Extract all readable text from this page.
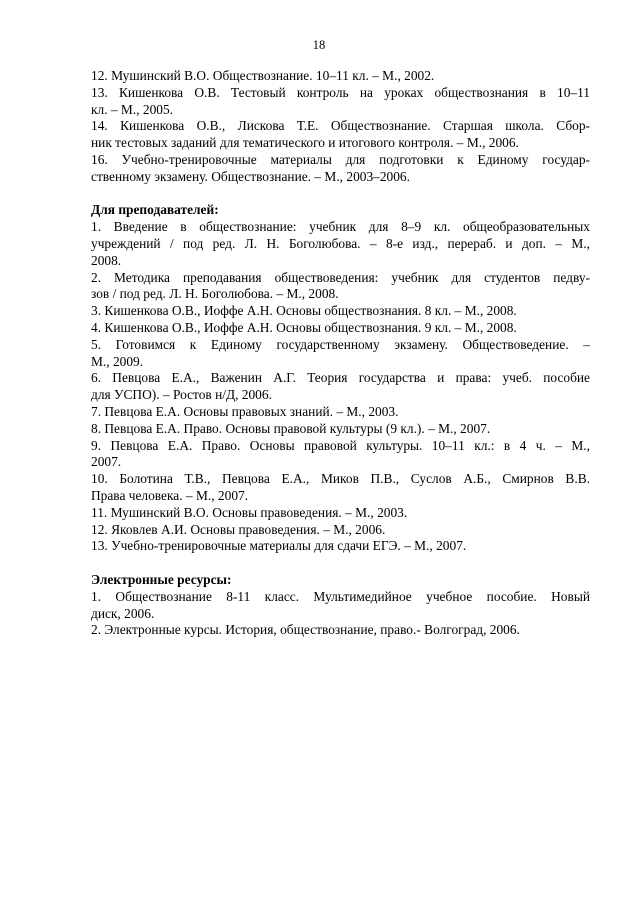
18

12. Мушинский В.О. Обществознание. 10–11 кл. – М., 2002.

13. Кишенкова О.В. Тестовый контроль на уроках обществознания в 10–11
кл. – М., 2005.

14. Кишенкова О.В., Лискова Т.Е. Обществознание. Старшая школа. Сбор-
ник тестовых заданий для тематического и итогового контроля. – М., 2006.

16. Учебно-тренировочные материалы для подготовки к Единому государ-
ственному экзамену. Обществознание. – М., 2003–2006.

Для преподавателей:

1. Введение в обществознание: учебник для 8–9 кл. общеобразовательных
учреждений / под ред. Л. Н. Боголюбова. – 8-е изд., перераб. и доп. – М.,
2008.

2. Методика преподавания обществоведения: учебник для студентов педву-
зов / под ред. Л. Н. Боголюбова. – М., 2008.

3. Кишенкова О.В., Иоффе А.Н. Основы обществознания. 8 кл. – М., 2008.

4. Кишенкова О.В., Иоффе А.Н. Основы обществознания. 9 кл. – М., 2008.

5. Готовимся к Единому государственному экзамену. Обществоведение. –
М., 2009.

6. Певцова Е.А., Важенин А.Г. Теория государства и права: учеб. пособие
для УСПО). – Ростов н/Д, 2006.

7. Певцова Е.А. Основы правовых знаний. – М., 2003.

8. Певцова Е.А. Право. Основы правовой культуры (9 кл.). – М., 2007.

9. Певцова Е.А. Право. Основы правовой культуры. 10–11 кл.: в 4 ч. – М.,
2007.

10. Болотина Т.В., Певцова Е.А., Миков П.В., Суслов А.Б., Смирнов В.В.
Права человека. – М., 2007.

11. Мушинский В.О. Основы правоведения. – М., 2003.

12. Яковлев А.И. Основы правоведения. – М., 2006.

13. Учебно-тренировочные материалы для сдачи ЕГЭ. – М., 2007.

Электронные ресурсы:

1. Обществознание 8-11 класс. Мультимедийное учебное пособие. Новый
диск, 2006.

2. Электронные курсы. История, обществознание, право.- Волгоград, 2006.
